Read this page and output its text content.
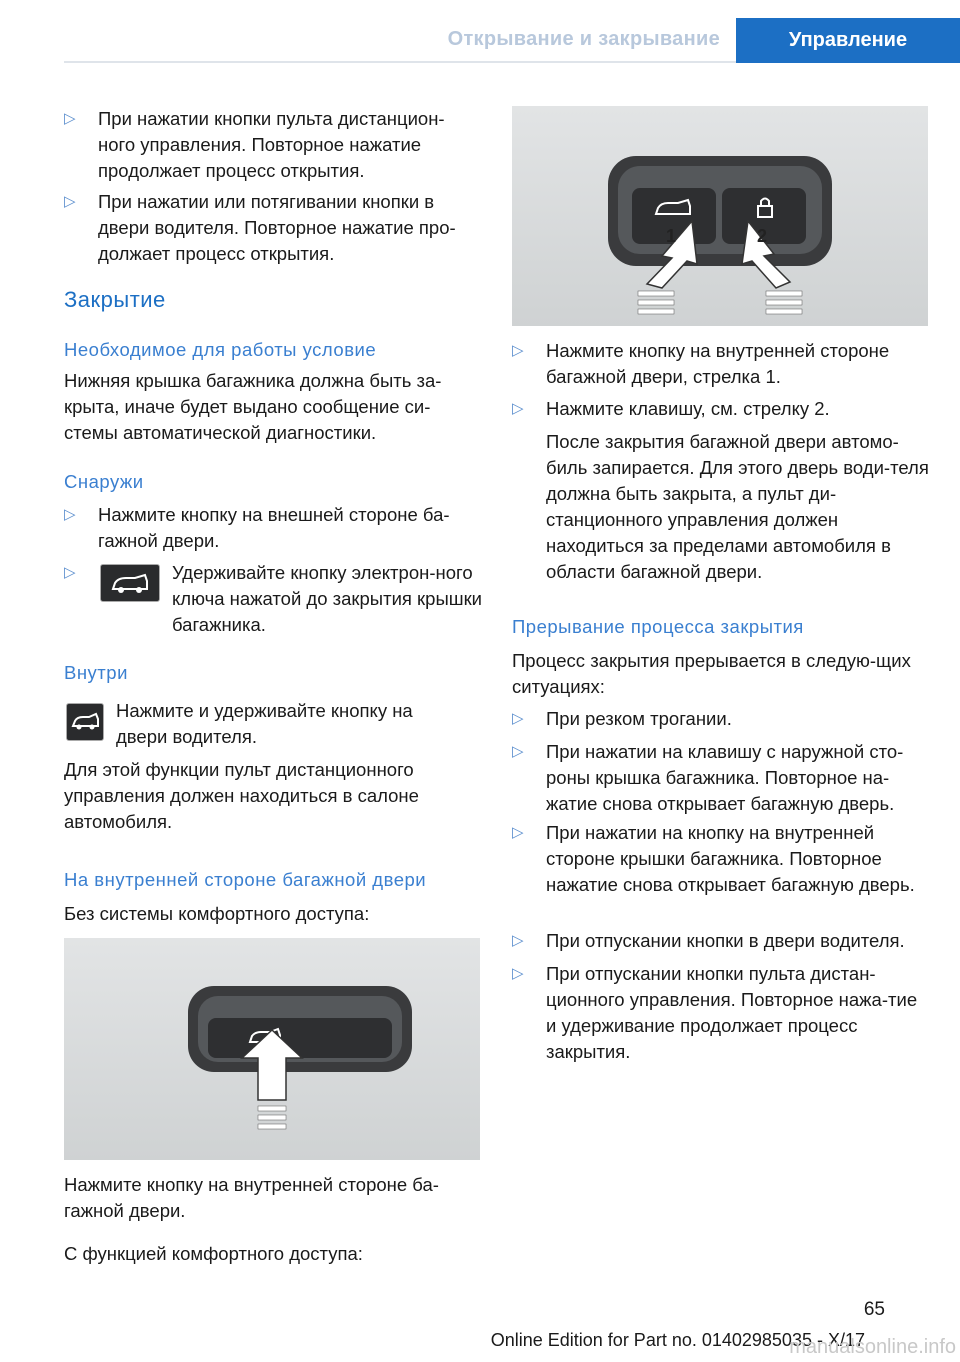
Открывание и закрывание	Управление
▷ При нажатии кнопки пульта дистанцион-ного управления. Повторное нажатие продолжает процесс открытия.
▷ При нажатии или потягивании кнопки в двери водителя. Повторное нажатие про-должает процесс открытия.
Закрытие
Необходимое для работы условие
Нижняя крышка багажника должна быть за-крыта, иначе будет выдано сообщение си-стемы автоматической диагностики.
Снаружи
▷ Нажмите кнопку на внешней стороне ба-гажной двери.
▷	Удерживайте кнопку электрон-ного ключа нажатой до закрытия крышки багажника.
Внутри
Нажмите и удерживайте кнопку на двери водителя.
Для этой функции пульт дистанционного управления должен находиться в салоне автомобиля.
На внутренней стороне багажной двери
Без системы комфортного доступа:
Нажмите кнопку на внутренней стороне ба-гажной двери.
С функцией комфортного доступа:
1	2
▷ Нажмите кнопку на внутренней стороне багажной двери, стрелка 1.
▷ Нажмите клавишу, см. стрелку 2.
После закрытия багажной двери автомо-биль запирается. Для этого дверь води-теля должна быть закрыта, а пульт ди-станционного управления должен находиться за пределами автомобиля в области багажной двери.
Прерывание процесса закрытия
Процесс закрытия прерывается в следую-щих ситуациях:
▷ При резком трогании.
▷ При нажатии на клавишу с наружной сто-роны крышка багажника. Повторное на-жатие снова открывает багажную дверь.
▷ При нажатии на кнопку на внутренней стороне крышки багажника. Повторное нажатие снова открывает багажную дверь.
▷ При отпускании кнопки в двери водителя.
▷ При отпускании кнопки пульта дистан-ционного управления. Повторное нажа-тие и удерживание продолжает процесс закрытия.
65
Online Edition for Part no. 01402985035 - X/17
manualsonline.info
